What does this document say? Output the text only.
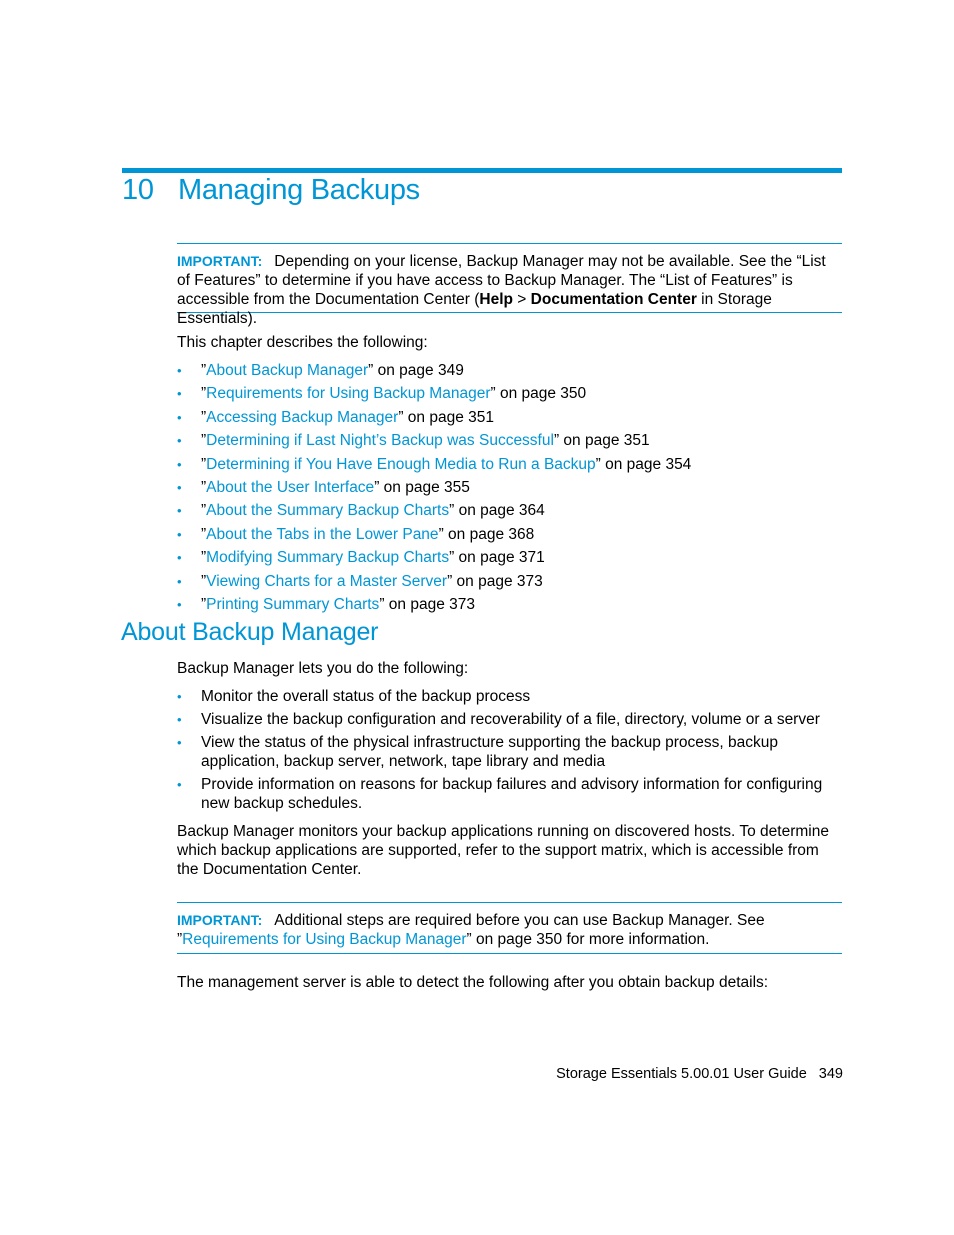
10 Managing Backups
IMPORTANT: Depending on your license, Backup Manager may not be available. See the “List of Features” to determine if you have access to Backup Manager. The “List of Features” is accessible from the Documentation Center (Help > Documentation Center in Storage Essentials).

This chapter describes the following:

• ”About Backup Manager” on page 349
• ”Requirements for Using Backup Manager” on page 350
• ”Accessing Backup Manager” on page 351
• ”Determining if Last Night’s Backup was Successful” on page 351
• ”Determining if You Have Enough Media to Run a Backup” on page 354
• ”About the User Interface” on page 355
• ”About the Summary Backup Charts” on page 364
• ”About the Tabs in the Lower Pane” on page 368
• ”Modifying Summary Backup Charts” on page 371
• ”Viewing Charts for a Master Server” on page 373
• ”Printing Summary Charts” on page 373
About Backup Manager

Backup Manager lets you do the following:

• Monitor the overall status of the backup process
• Visualize the backup configuration and recoverability of a file, directory, volume or a server
• View the status of the physical infrastructure supporting the backup process, backup application, backup server, network, tape library and media
• Provide information on reasons for backup failures and advisory information for configuring new backup schedules.

Backup Manager monitors your backup applications running on discovered hosts. To determine which backup applications are supported, refer to the support matrix, which is accessible from the Documentation Center.

IMPORTANT: Additional steps are required before you can use Backup Manager. See ”Requirements for Using Backup Manager” on page 350 for more information.

The management server is able to detect the following after you obtain backup details:

Storage Essentials 5.00.01 User Guide 349
